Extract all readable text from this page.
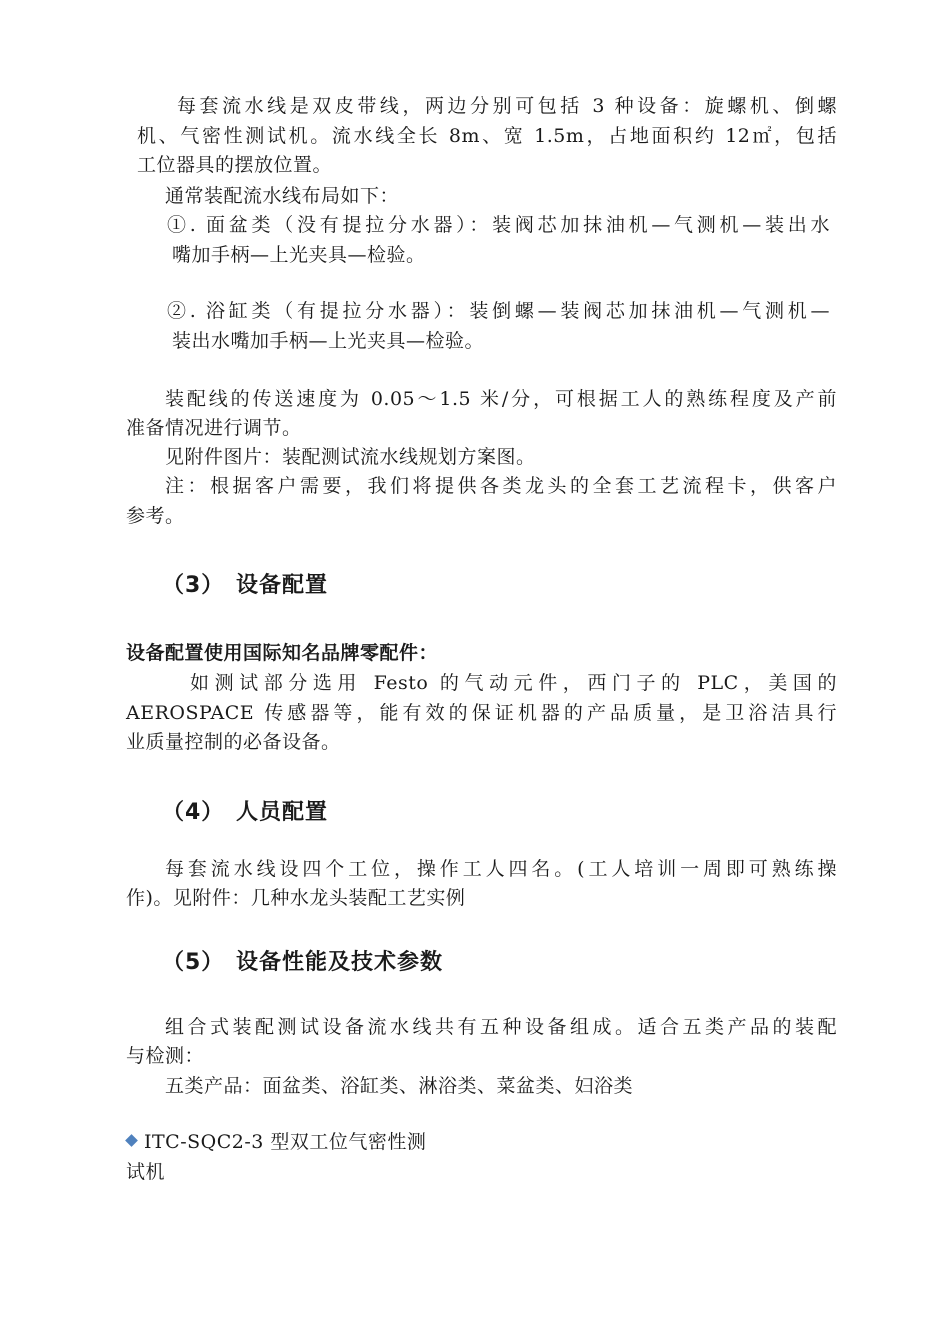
每套流水线是双皮带线，两边分别可包括 3 种设备：旋螺机、倒螺

机、气密性测试机。流水线全长 8m、宽 1.5m，占地面积约 12㎡，包括

工位器具的摆放位置。

通常装配流水线布局如下：

①. 面盆类（没有提拉分水器）：装阀芯加抹油机—气测机—装出水

嘴加手柄—上光夹具—检验。

②. 浴缸类（有提拉分水器）：装倒螺—装阀芯加抹油机—气测机—

装出水嘴加手柄—上光夹具—检验。

装配线的传送速度为 0.05～1.5 米/分，可根据工人的熟练程度及产前

准备情况进行调节。

见附件图片：装配测试流水线规划方案图。

注：根据客户需要，我们将提供各类龙头的全套工艺流程卡，供客户

参考。

（3） 设备配置

设备配置使用国际知名品牌零配件：

如测试部分选用 Festo 的气动元件，西门子的 PLC，美国的

AEROSPACE 传感器等，能有效的保证机器的产品质量，是卫浴洁具行

业质量控制的必备设备。

（4） 人员配置

每套流水线设四个工位，操作工人四名。(工人培训一周即可熟练操

作)。见附件：几种水龙头装配工艺实例

（5） 设备性能及技术参数

组合式装配测试设备流水线共有五种设备组成。适合五类产品的装配

与检测：

五类产品：面盆类、浴缸类、淋浴类、菜盆类、妇浴类

ITC-SQC2-3 型双工位气密性测

试机
